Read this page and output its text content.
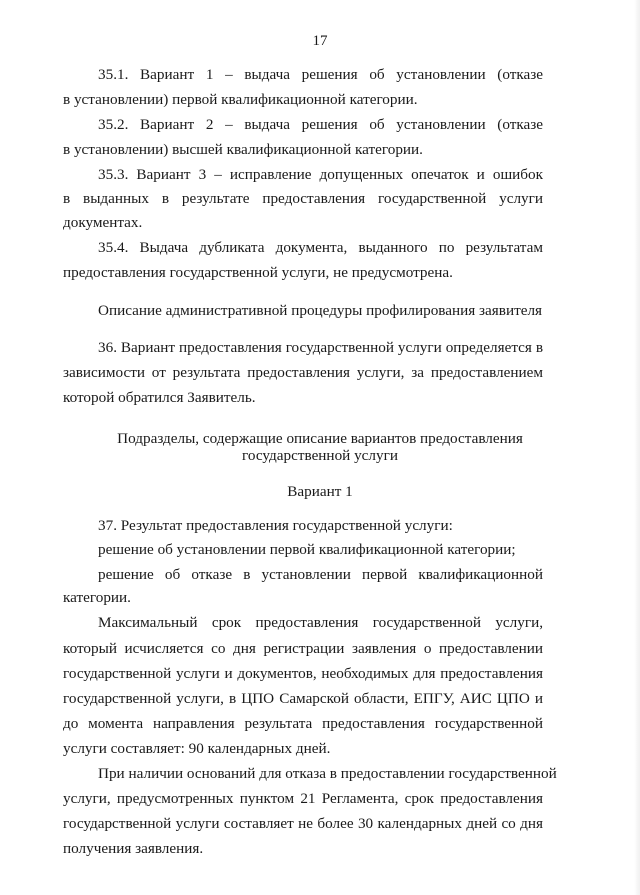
17
35.1. Вариант 1 – выдача решения об установлении (отказе
в установлении) первой квалификационной категории.
35.2. Вариант 2 – выдача решения об установлении (отказе
в установлении) высшей квалификационной категории.
35.3. Вариант 3 – исправление допущенных опечаток и ошибок
в выданных в результате предоставления государственной услуги
документах.
35.4. Выдача дубликата документа, выданного по результатам
предоставления государственной услуги, не предусмотрена.
Описание административной процедуры профилирования заявителя
36. Вариант предоставления государственной услуги определяется в
зависимости от результата предоставления услуги, за предоставлением
которой обратился Заявитель.
Подразделы, содержащие описание вариантов предоставления
государственной услуги
Вариант 1
37. Результат предоставления государственной услуги:
решение об установлении первой квалификационной категории;
решение об отказе в установлении первой квалификационной
категории.
Максимальный срок предоставления государственной услуги,
который исчисляется со дня регистрации заявления о предоставлении
государственной услуги и документов, необходимых для предоставления
государственной услуги, в ЦПО Самарской области, ЕПГУ, АИС ЦПО и
до момента направления результата предоставления государственной
услуги составляет: 90 календарных дней.
При наличии оснований для отказа в предоставлении государственной
услуги, предусмотренных пунктом 21 Регламента, срок предоставления
государственной услуги составляет не более 30 календарных дней со дня
получения заявления.
